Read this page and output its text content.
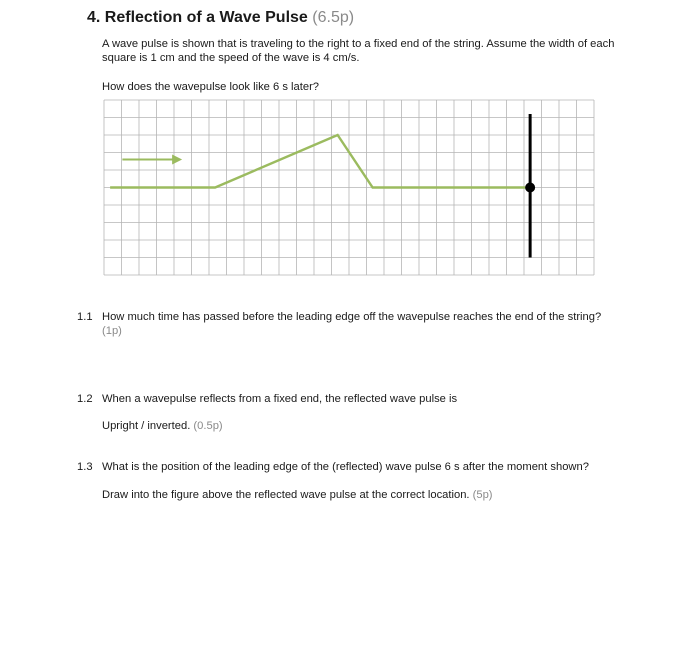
4. Reflection of a Wave Pulse (6.5p)
A wave pulse is shown that is traveling to the right to a fixed end of the string. Assume the width of each square is 1 cm and the speed of the wave is 4 cm/s.
How does the wavepulse look like 6 s later?
1.1 How much time has passed before the leading edge off the wavepulse reaches the end of the string?
(1p)
1.2 When a wavepulse reflects from a fixed end, the reflected wave pulse is
Upright / inverted. (0.5p)
1.3 What is the position of the leading edge of the (reflected) wave pulse 6 s after the moment shown?
Draw into the figure above the reflected wave pulse at the correct location. (5p)
